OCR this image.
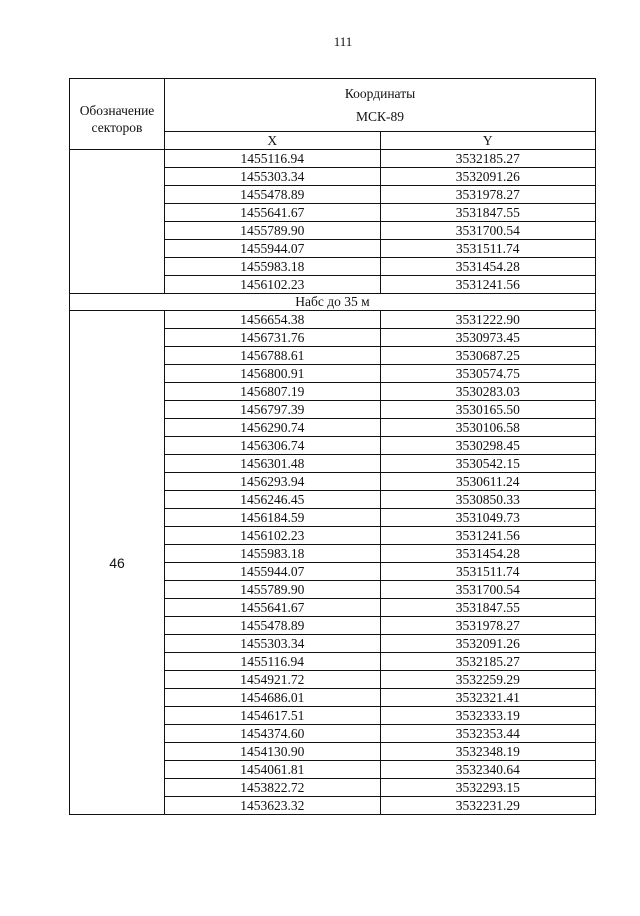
111
Обозначение секторов	Координаты
МСК-89	

	X	Y
	1455116.94	3532185.27
	1455303.34	3532091.26
	1455478.89	3531978.27
	1455641.67	3531847.55
	1455789.90	3531700.54
	1455944.07	3531511.74
	1455983.18	3531454.28
	1456102.23	3531241.56
Набс до 35 м		
46	1456654.38	3531222.90
	1456731.76	3530973.45
	1456788.61	3530687.25
	1456800.91	3530574.75
	1456807.19	3530283.03
	1456797.39	3530165.50
	1456290.74	3530106.58
	1456306.74	3530298.45
	1456301.48	3530542.15
	1456293.94	3530611.24
	1456246.45	3530850.33
	1456184.59	3531049.73
	1456102.23	3531241.56
	1455983.18	3531454.28
	1455944.07	3531511.74
	1455789.90	3531700.54
	1455641.67	3531847.55
	1455478.89	3531978.27
	1455303.34	3532091.26
	1455116.94	3532185.27
	1454921.72	3532259.29
	1454686.01	3532321.41
	1454617.51	3532333.19
	1454374.60	3532353.44
	1454130.90	3532348.19
	1454061.81	3532340.64
	1453822.72	3532293.15
	1453623.32	3532231.29
